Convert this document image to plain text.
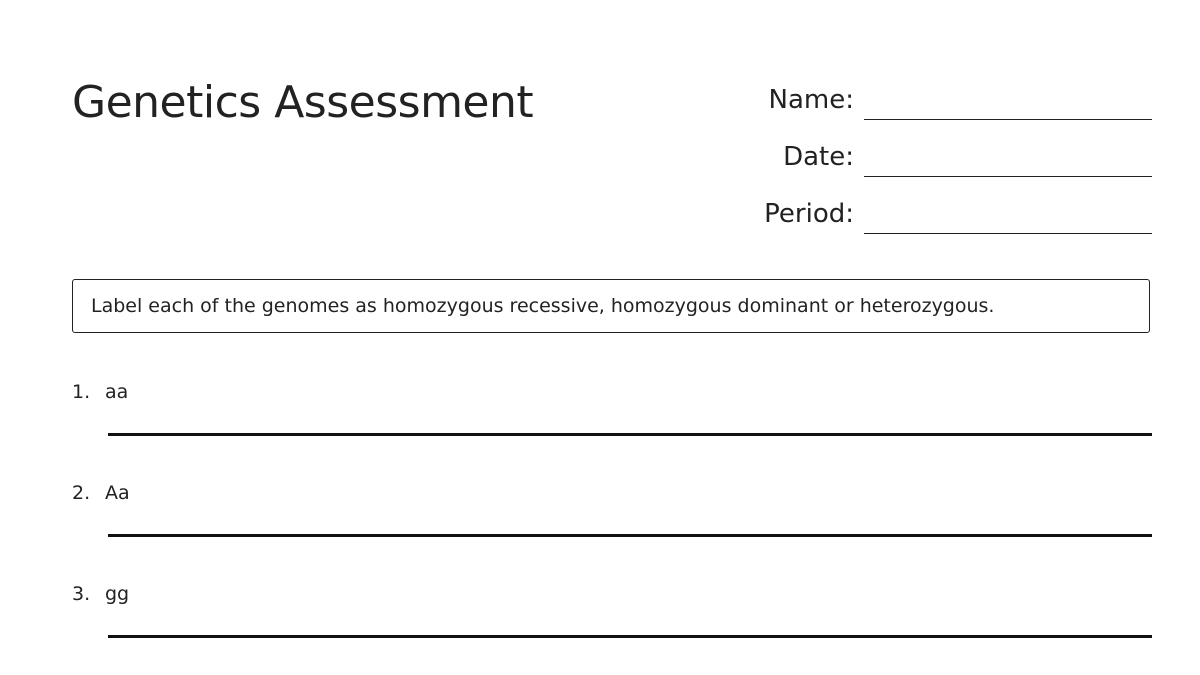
Genetics Assessment	Name:
Date:
Period:
Label each of the genomes as homozygous recessive, homozygous dominant or heterozygous.
1. aa
2. Aa
3. gg
